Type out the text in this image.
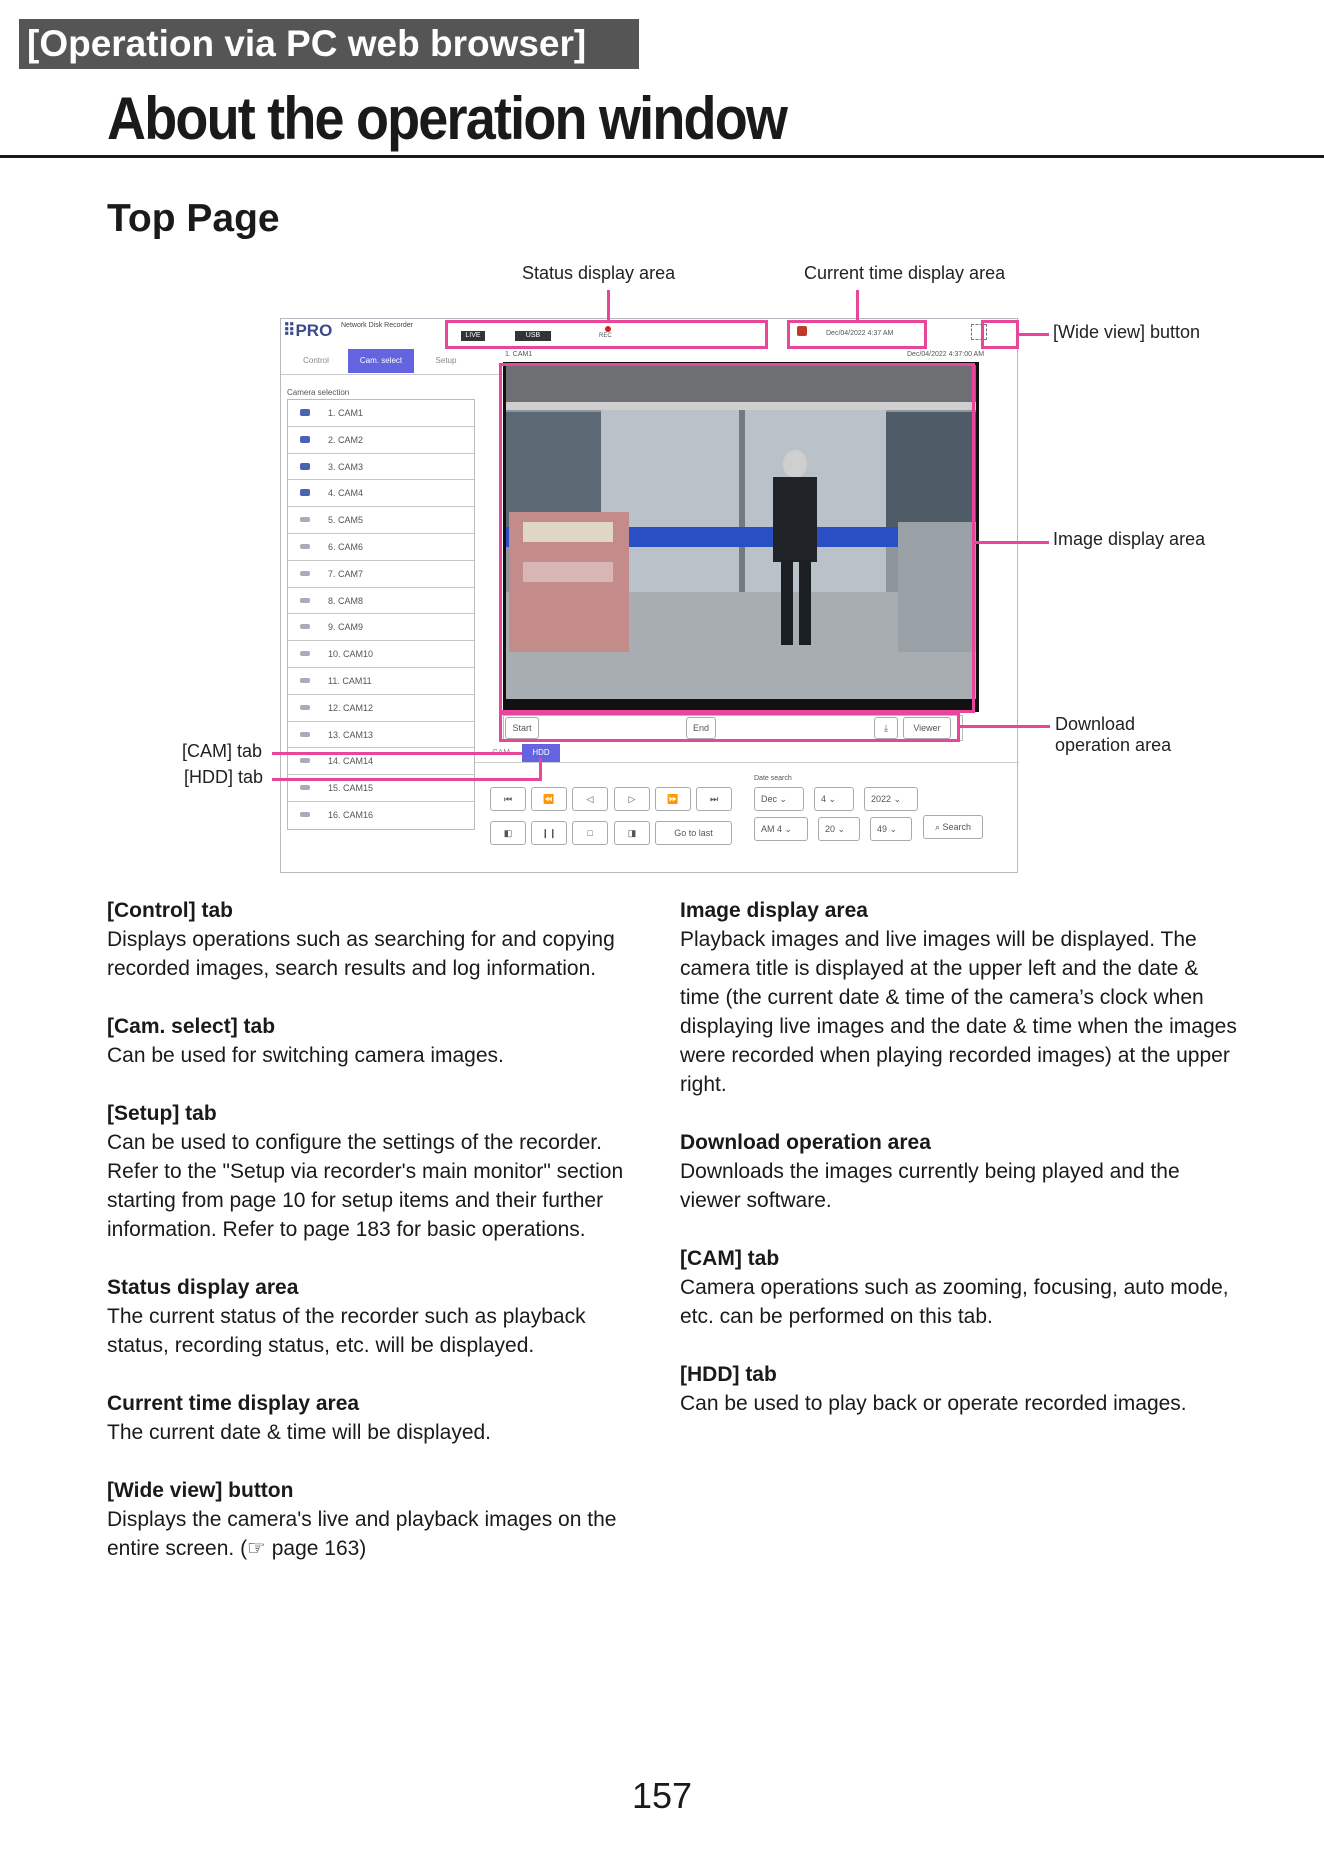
[Operation via PC web browser]
About the operation window
Top Page
Status display area	Current time display area
[Wide view] button
Image display area
Download
operation area
[CAM] tab
[HDD] tab
⠿PRO Network Disk Recorder
LIVE	USB	REC	Dec/04/2022 4:37 AM
Control	Cam. select	Setup
Camera selection
1. CAM1
2. CAM2
3. CAM3
4. CAM4
5. CAM5
6. CAM6
7. CAM7
8. CAM8
9. CAM9
10. CAM10
11. CAM11
12. CAM12
13. CAM13
14. CAM14
15. CAM15
16. CAM16
1. CAM1	Dec/04/2022 4:37:00 AM
Start	End	⤓	Viewer
HDD
⏮	⏪	◁	▷	⏩	⏭
◧	❙❙	□	◨	Go to last
Date search
Dec ⌄	4 ⌄	2022 ⌄
AM 4 ⌄	20 ⌄	49 ⌄	⌕ Search
[Control] tab
Displays operations such as searching for and copying recorded images, search results and log information.
[Cam. select] tab
Can be used for switching camera images.
[Setup] tab
Can be used to configure the settings of the recorder. Refer to the "Setup via recorder's main monitor" section starting from page 10 for setup items and their further information. Refer to page 183 for basic operations.
Status display area
The current status of the recorder such as playback status, recording status, etc. will be displayed.
Current time display area
The current date & time will be displayed.
[Wide view] button
Displays the camera's live and playback images on the entire screen. (☞ page 163)
Image display area
Playback images and live images will be displayed. The camera title is displayed at the upper left and the date & time (the current date & time of the camera’s clock when displaying live images and the date & time when the images were recorded when playing recorded images) at the upper right.
Download operation area
Downloads the images currently being played and the viewer software.
[CAM] tab
Camera operations such as zooming, focusing, auto mode, etc. can be performed on this tab.
[HDD] tab
Can be used to play back or operate recorded images.
157
